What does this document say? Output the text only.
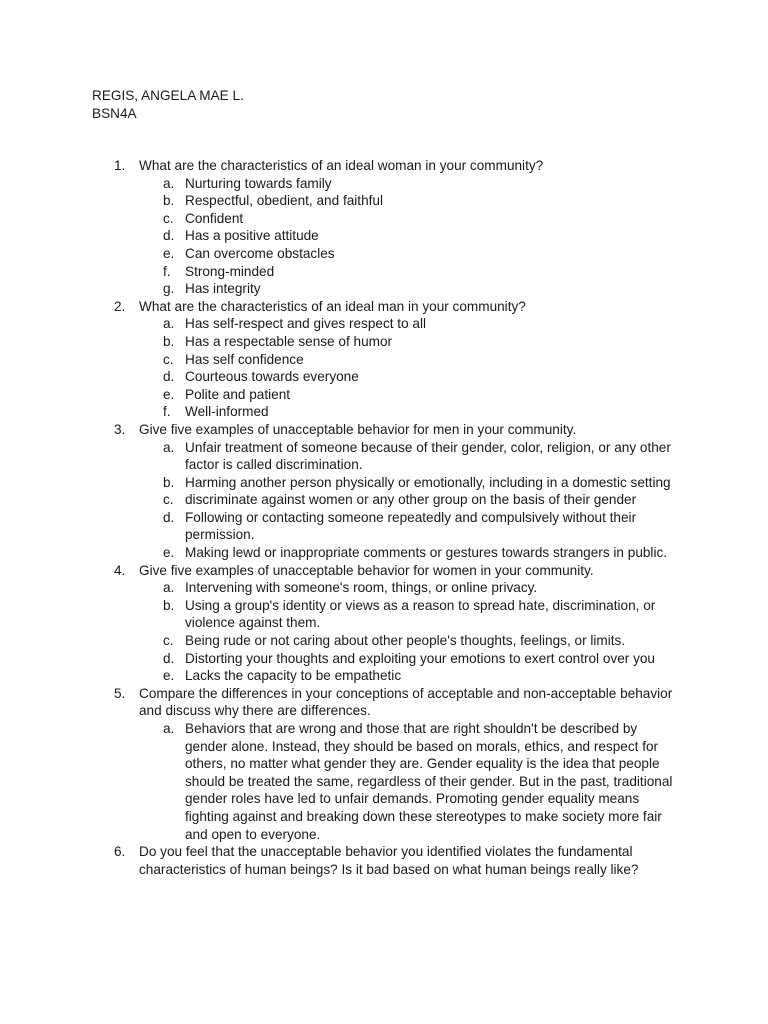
REGIS, ANGELA MAE L.
BSN4A
1. What are the characteristics of an ideal woman in your community?
a. Nurturing towards family
b. Respectful, obedient, and faithful
c. Confident
d. Has a positive attitude
e. Can overcome obstacles
f. Strong-minded
g. Has integrity
2. What are the characteristics of an ideal man in your community?
a. Has self-respect and gives respect to all
b. Has a respectable sense of humor
c. Has self confidence
d. Courteous towards everyone
e. Polite and patient
f. Well-informed
3. Give five examples of unacceptable behavior for men in your community.
a. Unfair treatment of someone because of their gender, color, religion, or any other factor is called discrimination.
b. Harming another person physically or emotionally, including in a domestic setting
c. discriminate against women or any other group on the basis of their gender
d. Following or contacting someone repeatedly and compulsively without their permission.
e. Making lewd or inappropriate comments or gestures towards strangers in public.
4. Give five examples of unacceptable behavior for women in your community.
a. Intervening with someone's room, things, or online privacy.
b. Using a group's identity or views as a reason to spread hate, discrimination, or violence against them.
c. Being rude or not caring about other people's thoughts, feelings, or limits.
d. Distorting your thoughts and exploiting your emotions to exert control over you
e. Lacks the capacity to be empathetic
5. Compare the differences in your conceptions of acceptable and non-acceptable behavior and discuss why there are differences.
a. Behaviors that are wrong and those that are right shouldn't be described by gender alone. Instead, they should be based on morals, ethics, and respect for others, no matter what gender they are. Gender equality is the idea that people should be treated the same, regardless of their gender. But in the past, traditional gender roles have led to unfair demands. Promoting gender equality means fighting against and breaking down these stereotypes to make society more fair and open to everyone.
6. Do you feel that the unacceptable behavior you identified violates the fundamental characteristics of human beings? Is it bad based on what human beings really like?
